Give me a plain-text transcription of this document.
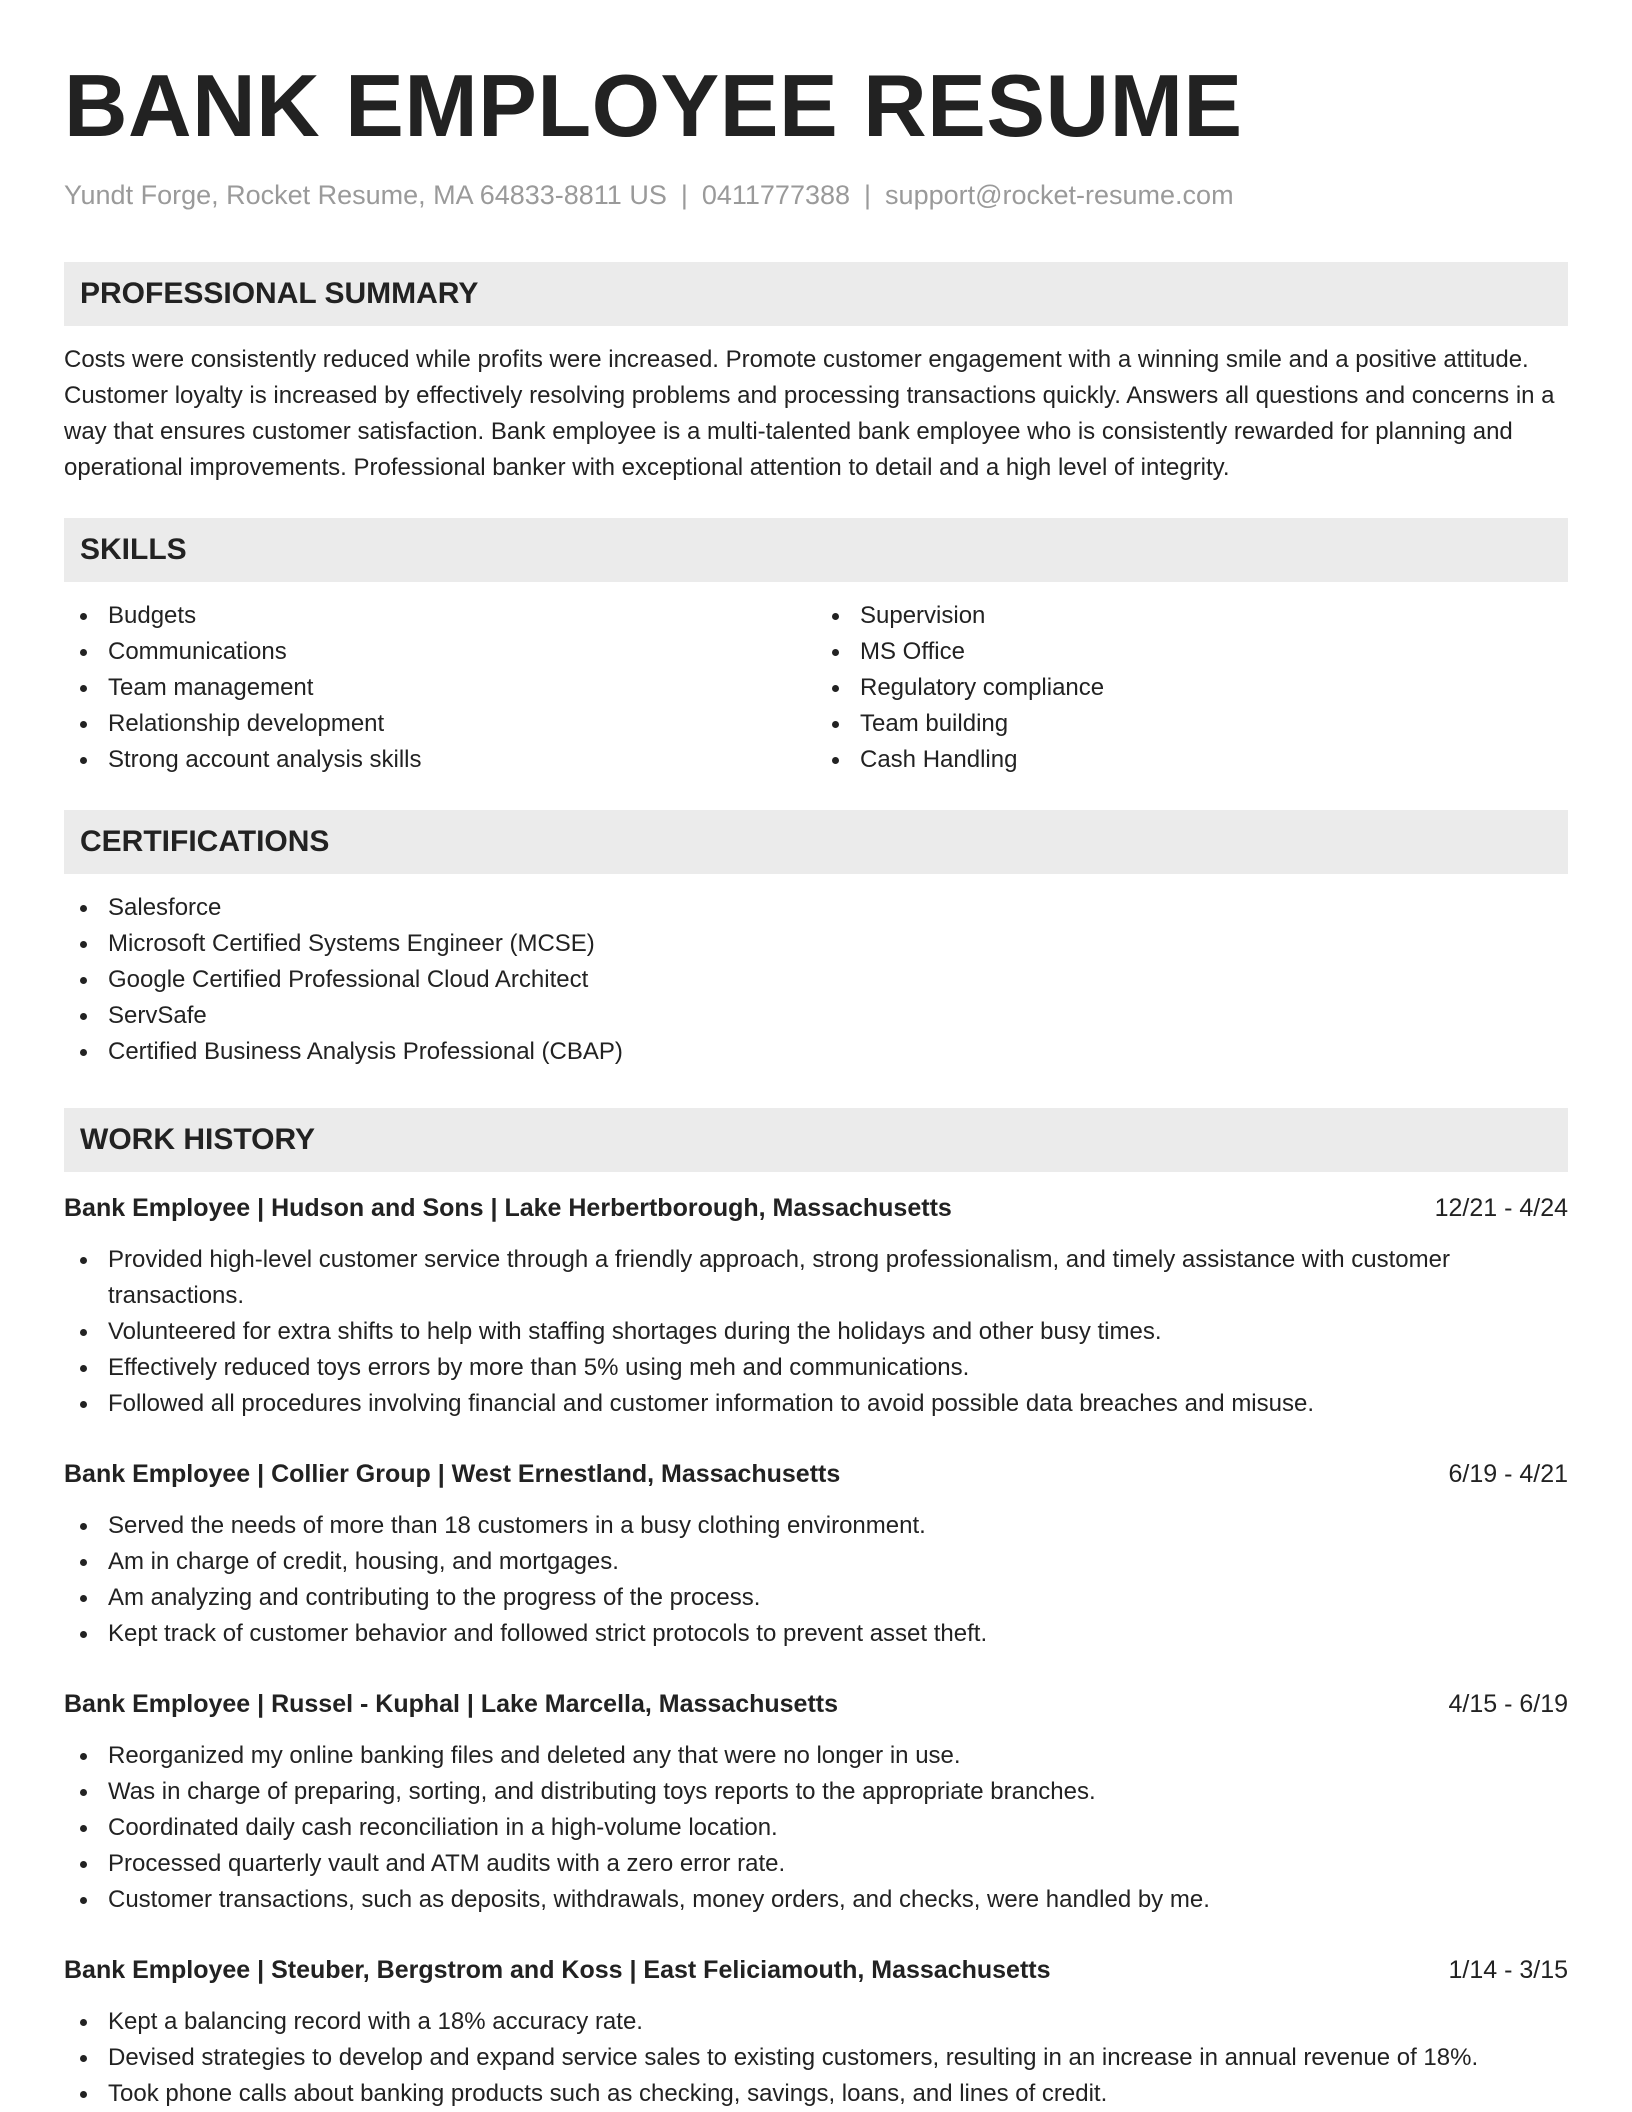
BANK EMPLOYEE RESUME
Yundt Forge, Rocket Resume, MA 64833-8811 US | 0411777388 | support@rocket-resume.com
PROFESSIONAL SUMMARY

Costs were consistently reduced while profits were increased. Promote customer engagement with a winning smile and a positive attitude. Customer loyalty is increased by effectively resolving problems and processing transactions quickly. Answers all questions and concerns in a way that ensures customer satisfaction. Bank employee is a multi-talented bank employee who is consistently rewarded for planning and operational improvements. Professional banker with exceptional attention to detail and a high level of integrity.

SKILLS
Budgets
Communications
Team management
Relationship development
Strong account analysis skills
Supervision
MS Office
Regulatory compliance
Team building
Cash Handling
CERTIFICATIONS
Salesforce
Microsoft Certified Systems Engineer (MCSE)
Google Certified Professional Cloud Architect
ServSafe
Certified Business Analysis Professional (CBAP)
WORK HISTORY
Bank Employee | Hudson and Sons | Lake Herbertborough, Massachusetts	12/21 - 4/24
Provided high-level customer service through a friendly approach, strong professionalism, and timely assistance with customer transactions.
Volunteered for extra shifts to help with staffing shortages during the holidays and other busy times.
Effectively reduced toys errors by more than 5% using meh and communications.
Followed all procedures involving financial and customer information to avoid possible data breaches and misuse.
Bank Employee | Collier Group | West Ernestland, Massachusetts	6/19 - 4/21
Served the needs of more than 18 customers in a busy clothing environment.
Am in charge of credit, housing, and mortgages.
Am analyzing and contributing to the progress of the process.
Kept track of customer behavior and followed strict protocols to prevent asset theft.
Bank Employee | Russel - Kuphal | Lake Marcella, Massachusetts	4/15 - 6/19
Reorganized my online banking files and deleted any that were no longer in use.
Was in charge of preparing, sorting, and distributing toys reports to the appropriate branches.
Coordinated daily cash reconciliation in a high-volume location.
Processed quarterly vault and ATM audits with a zero error rate.
Customer transactions, such as deposits, withdrawals, money orders, and checks, were handled by me.
Bank Employee | Steuber, Bergstrom and Koss | East Feliciamouth, Massachusetts	1/14 - 3/15
Kept a balancing record with a 18% accuracy rate.
Devised strategies to develop and expand service sales to existing customers, resulting in an increase in annual revenue of 18%.
Took phone calls about banking products such as checking, savings, loans, and lines of credit.
